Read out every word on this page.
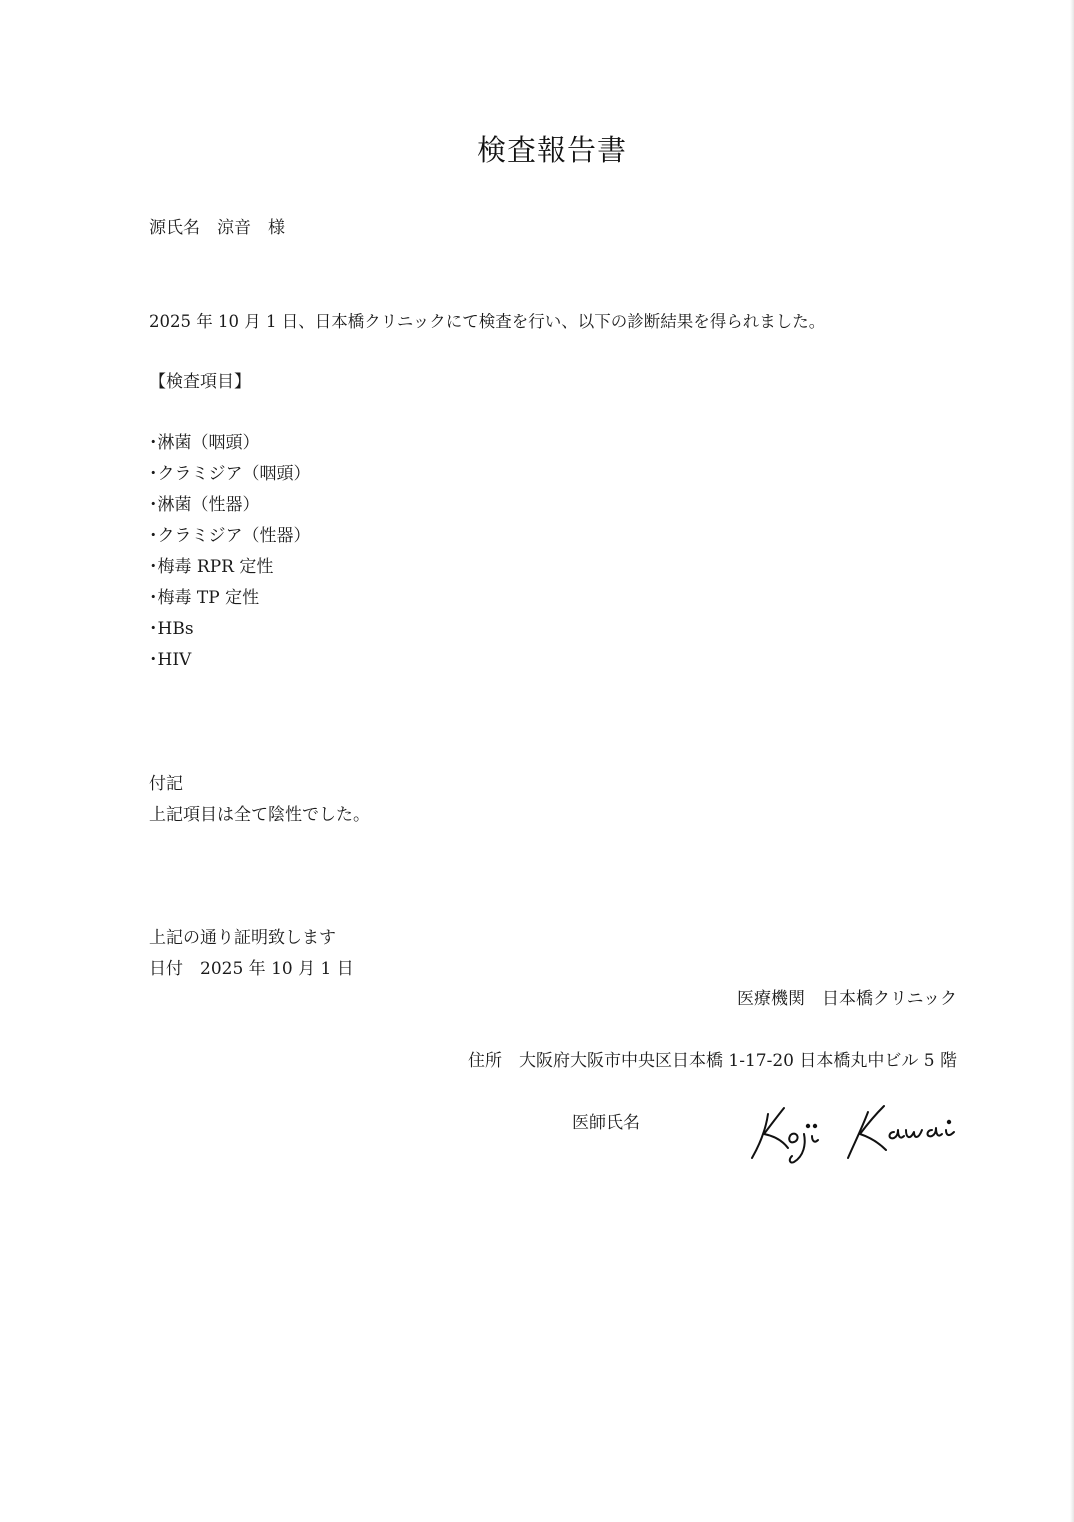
検査報告書
源氏名　涼音　様
2025 年 10 月 1 日、日本橋クリニックにて検査を行い、以下の診断結果を得られました。
【検査項目】
･淋菌（咽頭）
･クラミジア（咽頭）
･淋菌（性器）
･クラミジア（性器）
･梅毒 RPR 定性
･梅毒 TP 定性
･HBs
･HIV
付記
上記項目は全て陰性でした。
上記の通り証明致します
日付　2025 年 10 月 1 日
医療機関　日本橋クリニック
住所　大阪府大阪市中央区日本橋 1-17-20 日本橋丸中ビル 5 階
医師氏名
